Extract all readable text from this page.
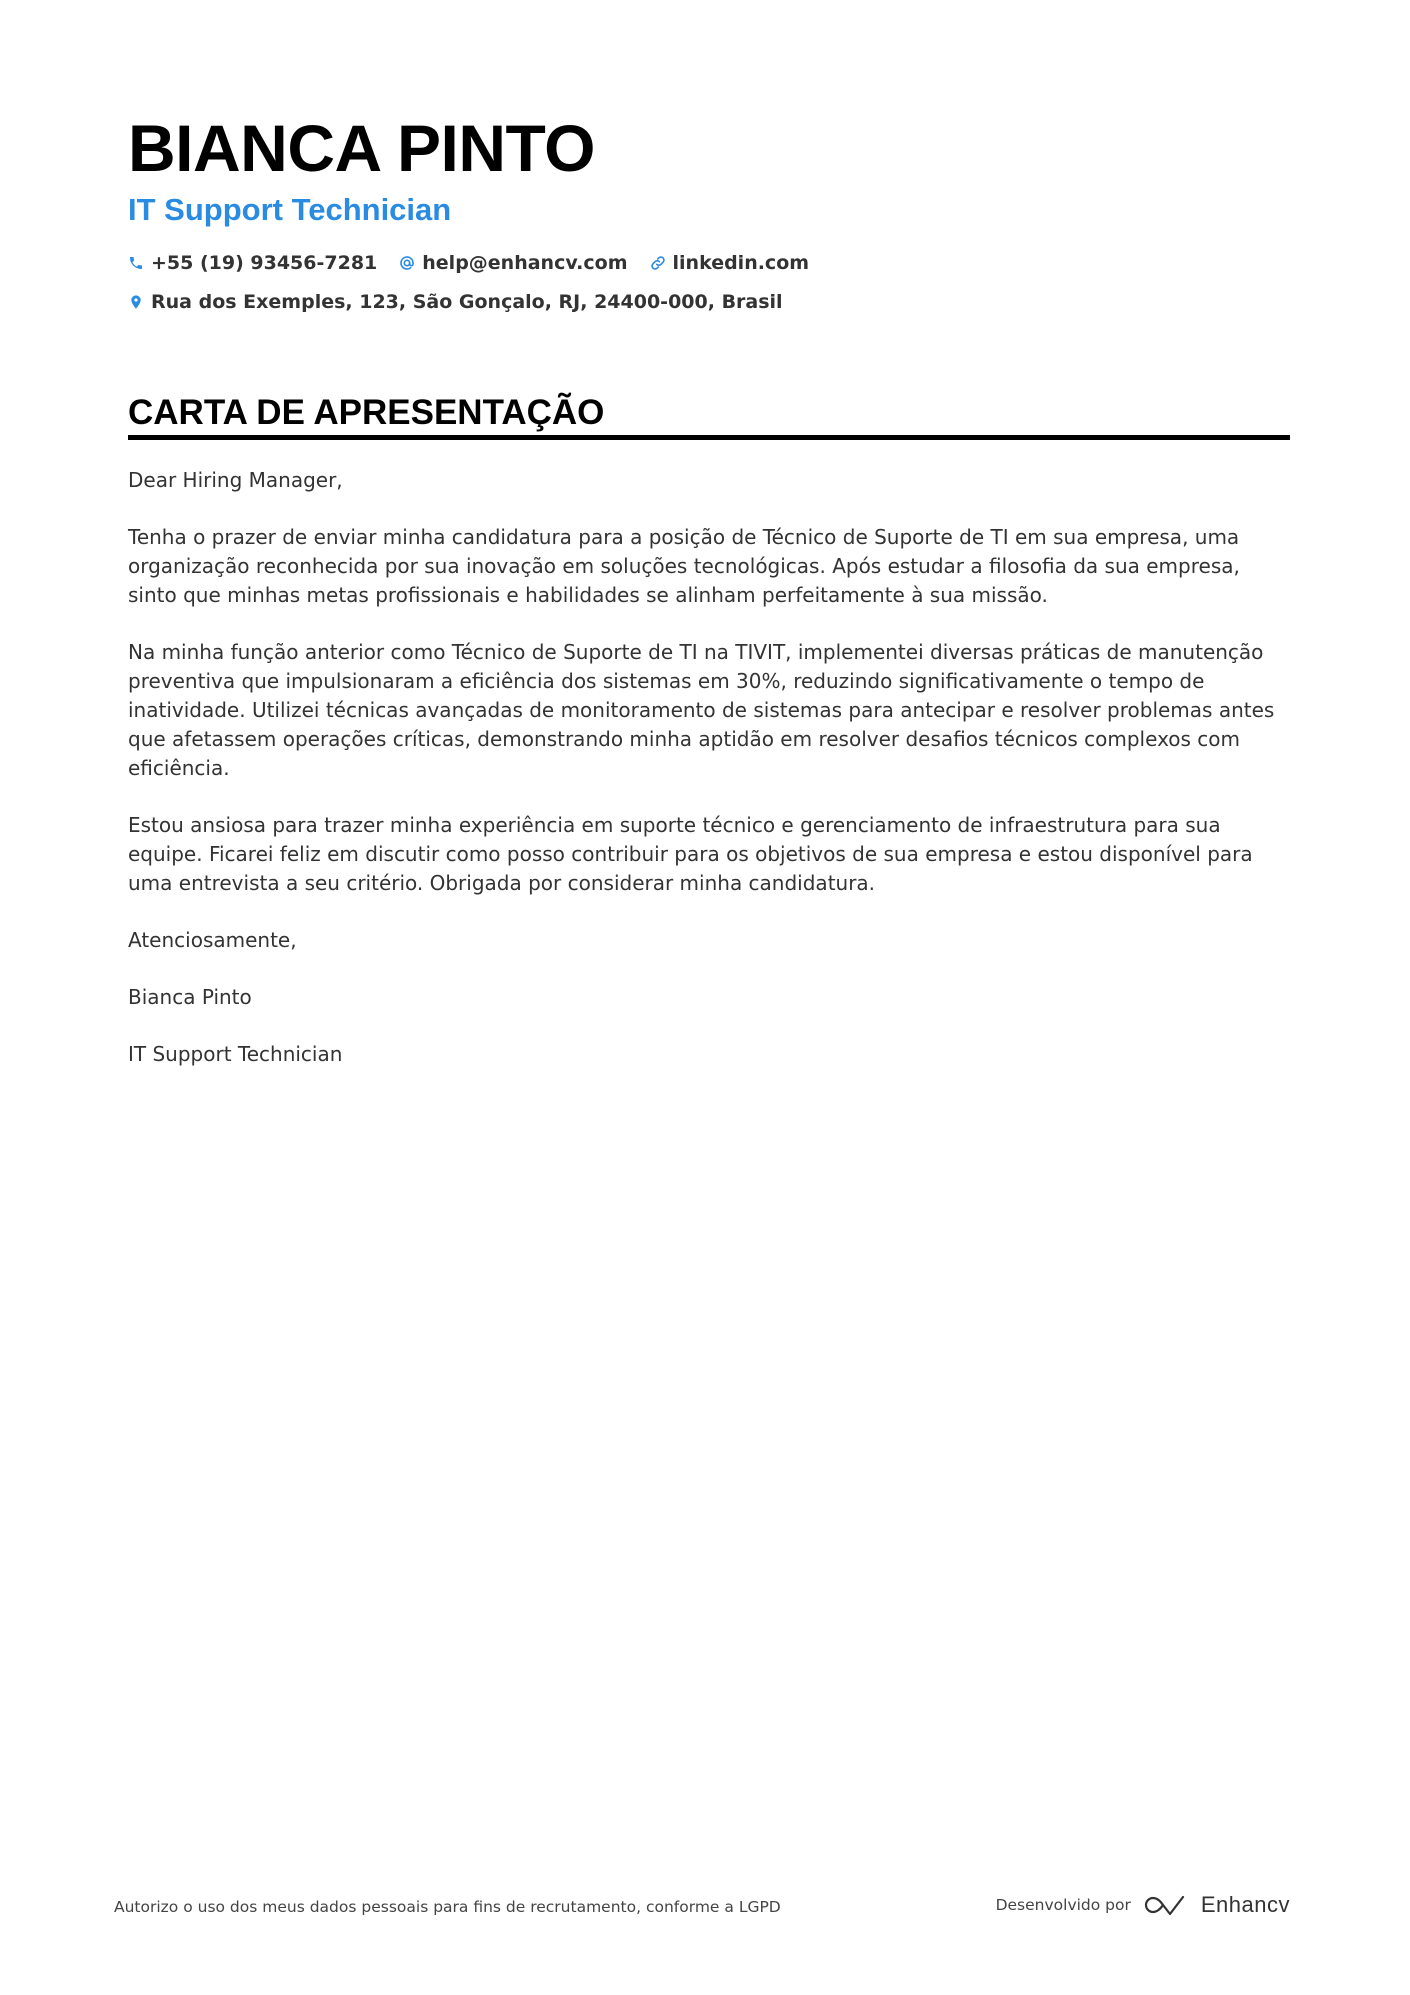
BIANCA PINTO
IT Support Technician
+55 (19) 93456-7281 help@enhancv.com linkedin.com
Rua dos Exemples, 123, São Gonçalo, RJ, 24400-000, Brasil
CARTA DE APRESENTAÇÃO

Dear Hiring Manager,

Tenha o prazer de enviar minha candidatura para a posição de Técnico de Suporte de TI em sua empresa, uma organização reconhecida por sua inovação em soluções tecnológicas. Após estudar a filosofia da sua empresa, sinto que minhas metas profissionais e habilidades se alinham perfeitamente à sua missão.

Na minha função anterior como Técnico de Suporte de TI na TIVIT, implementei diversas práticas de manutenção preventiva que impulsionaram a eficiência dos sistemas em 30%, reduzindo significativamente o tempo de inatividade. Utilizei técnicas avançadas de monitoramento de sistemas para antecipar e resolver problemas antes que afetassem operações críticas, demonstrando minha aptidão em resolver desafios técnicos complexos com eficiência.

Estou ansiosa para trazer minha experiência em suporte técnico e gerenciamento de infraestrutura para sua equipe. Ficarei feliz em discutir como posso contribuir para os objetivos de sua empresa e estou disponível para uma entrevista a seu critério. Obrigada por considerar minha candidatura.

Atenciosamente,

Bianca Pinto

IT Support Technician

Autorizo o uso dos meus dados pessoais para fins de recrutamento, conforme a LGPD	Desenvolvido por	Enhancv
